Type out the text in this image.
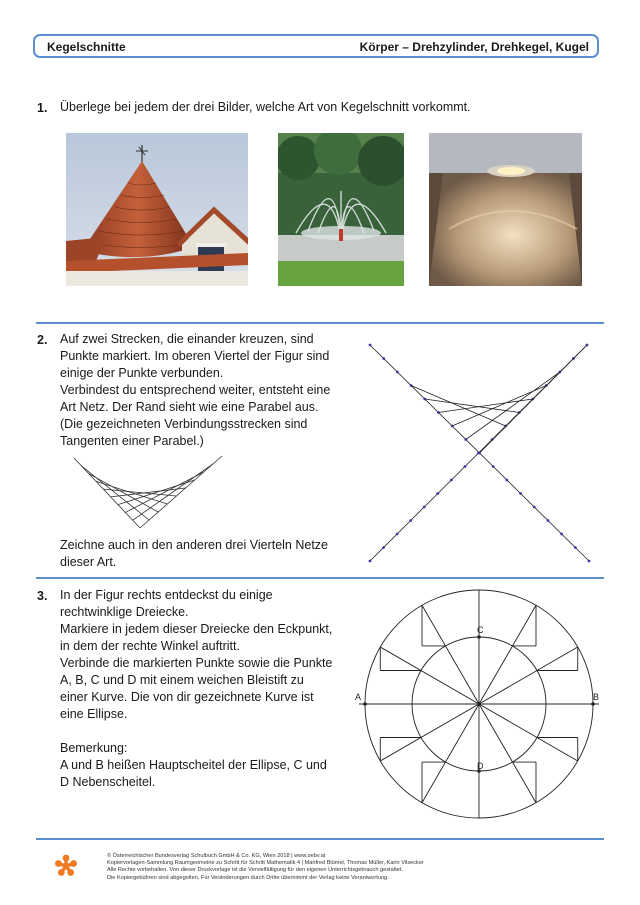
Kegelschnitte	Körper – Drehzylinder, Drehkegel, Kugel
1. Überlege bei jedem der drei Bilder, welche Art von Kegelschnitt vorkommt.
2. Auf zwei Strecken, die einander kreuzen, sind
Punkte markiert. Im oberen Viertel der Figur sind
einige der Punkte verbunden.
Verbindest du entsprechend weiter, entsteht eine
Art Netz. Der Rand sieht wie eine Parabel aus.
(Die gezeichneten Verbindungsstrecken sind
Tangenten einer Parabel.)
Zeichne auch in den anderen drei Vierteln Netze
dieser Art.
3. In der Figur rechts entdeckst du einige
rechtwinklige Dreiecke.
Markiere in jedem dieser Dreiecke den Eckpunkt,
in dem der rechte Winkel auftritt.
Verbinde die markierten Punkte sowie die Punkte
A, B, C und D mit einem weichen Bleistift zu
einer Kurve. Die von dir gezeichnete Kurve ist
eine Ellipse.

Bemerkung:
A und B heißen Hauptscheitel der Ellipse, C und
D Nebenscheitel.
A	B
C
D
© Österreichischer Bundesverlag Schulbuch GmbH & Co. KG, Wien 2018 | www.oebv.at
Kopiervorlagen-Sammlung Raumgeometrie zu Schritt für Schritt Mathematik 4 | Manfred Blümel, Thomas Müller, Karin Vilsecker
Alle Rechte vorbehalten. Von dieser Druckvorlage ist die Vervielfältigung für den eigenen Unterrichtsgebrauch gestattet.
Die Kopiergebühren sind abgegolten. Für Veränderungen durch Dritte übernimmt der Verlag keine Verantwortung.
